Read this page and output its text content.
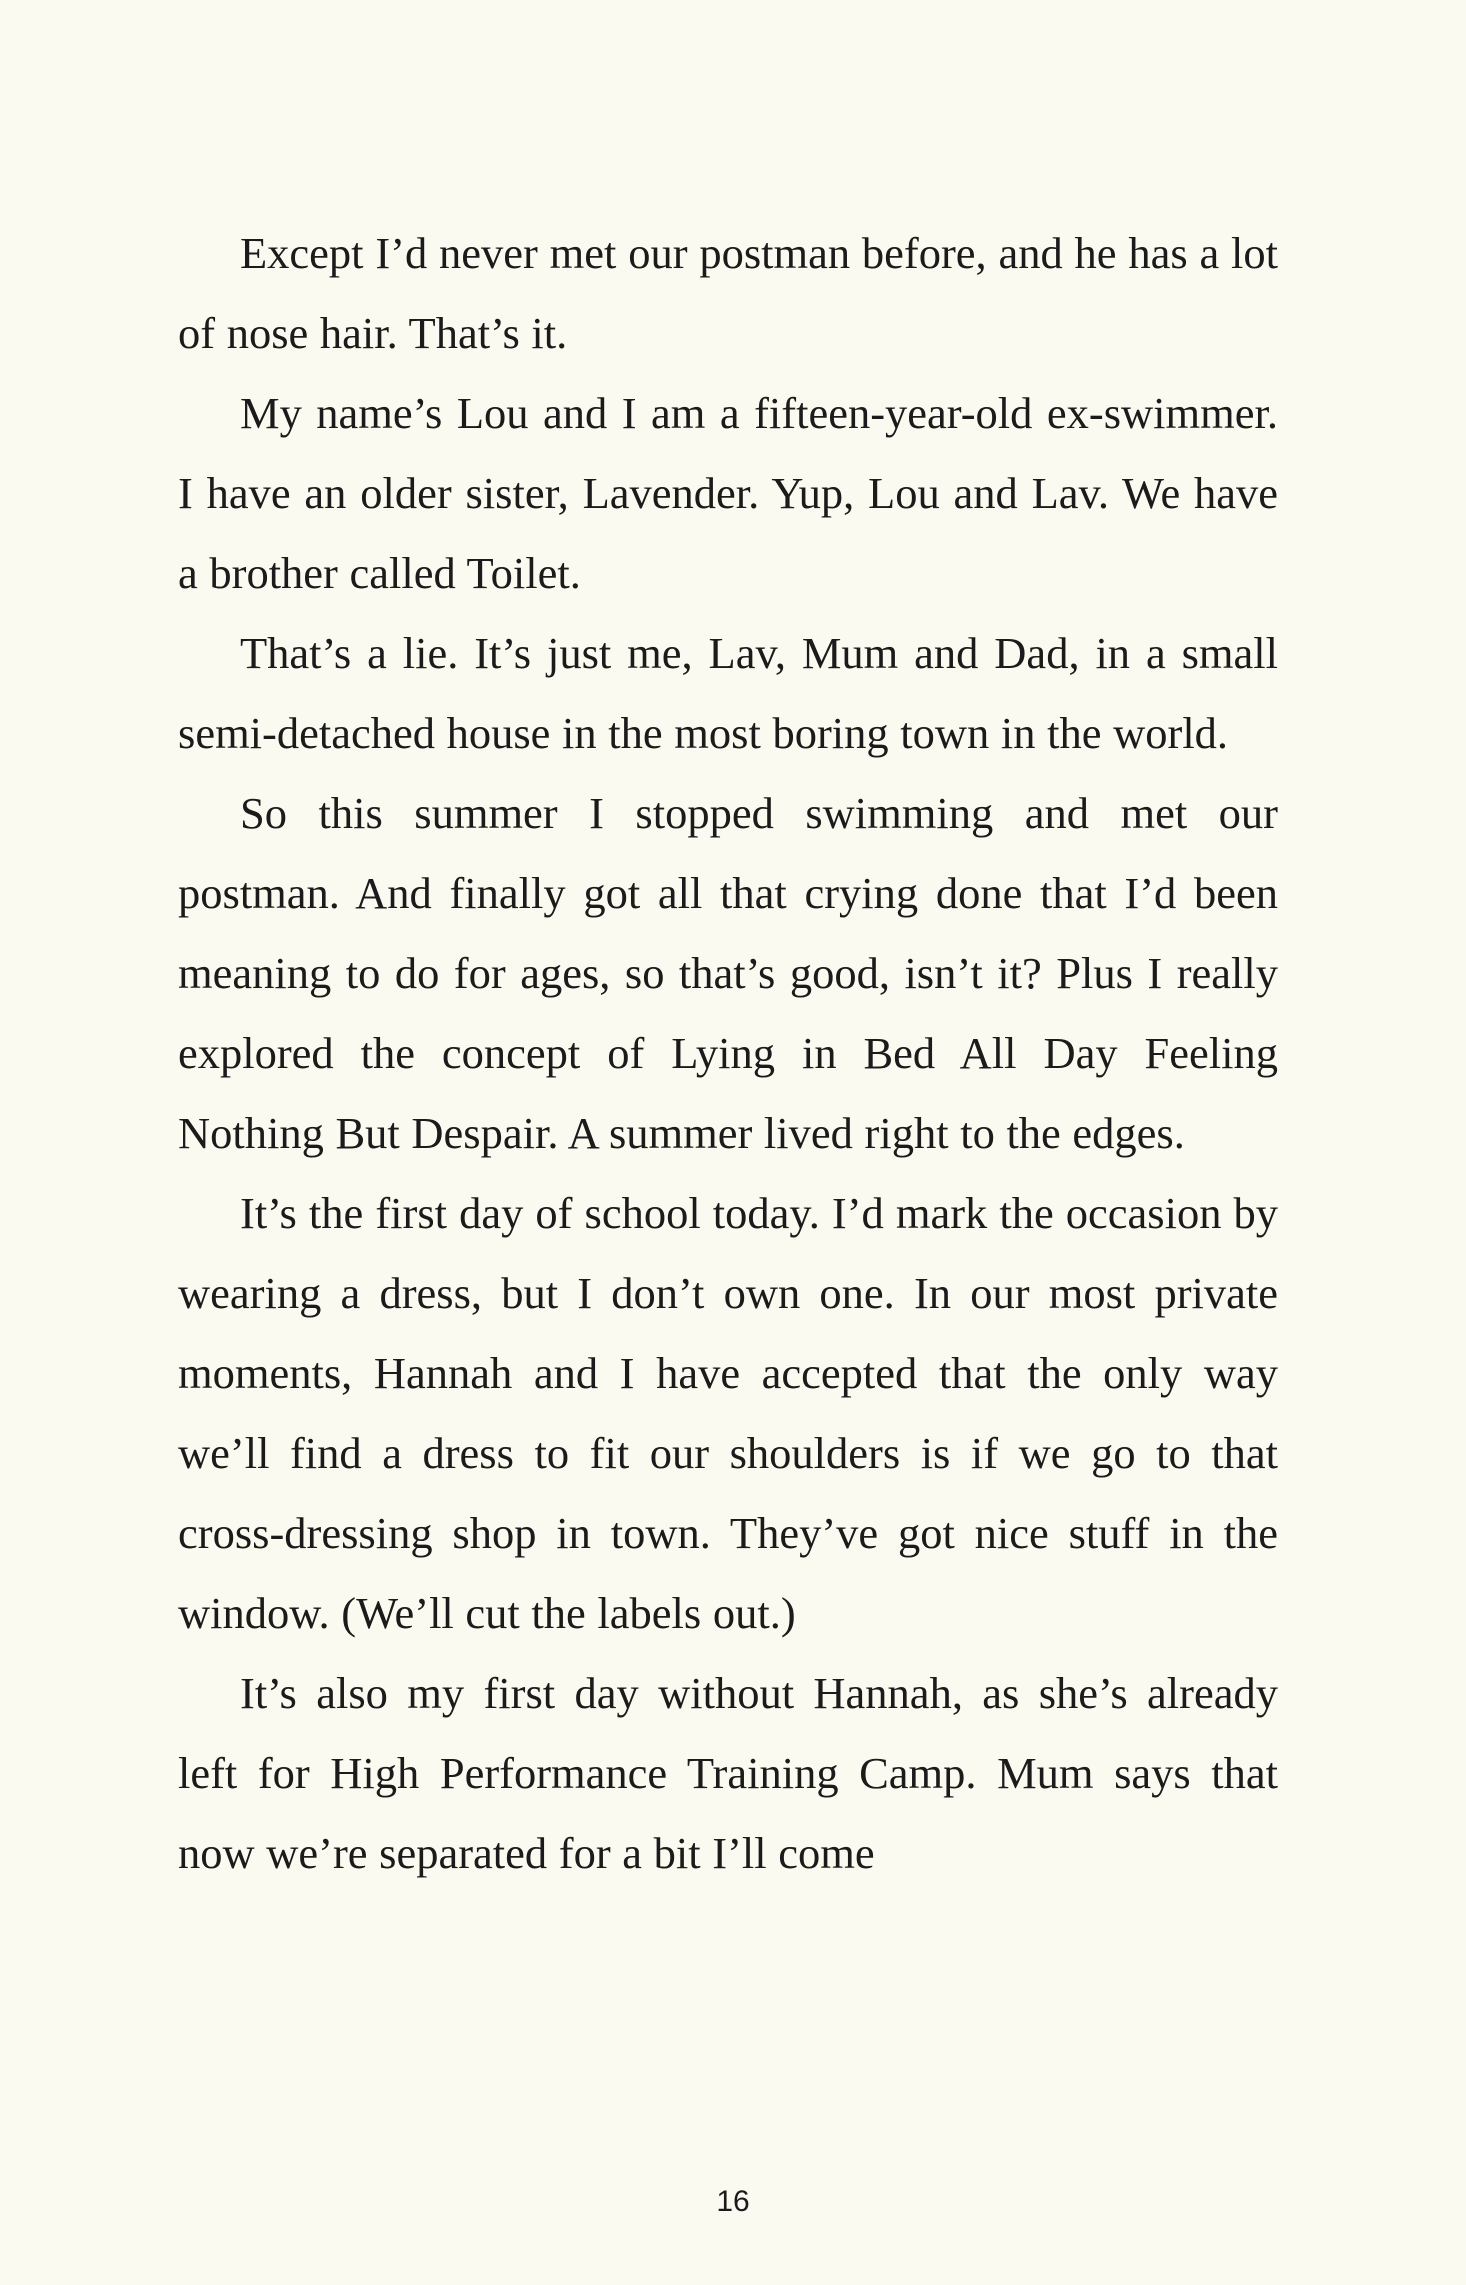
Except I’d never met our postman before, and he has a lot of nose hair. That’s it.

My name’s Lou and I am a fifteen-year-old ex-swimmer. I have an older sister, Lavender. Yup, Lou and Lav. We have a brother called Toilet.

That’s a lie. It’s just me, Lav, Mum and Dad, in a small semi-detached house in the most boring town in the world.

So this summer I stopped swimming and met our postman. And finally got all that crying done that I’d been meaning to do for ages, so that’s good, isn’t it? Plus I really explored the concept of Lying in Bed All Day Feeling Nothing But Despair. A summer lived right to the edges.

It’s the first day of school today. I’d mark the occasion by wearing a dress, but I don’t own one. In our most private moments, Hannah and I have accepted that the only way we’ll find a dress to fit our shoulders is if we go to that cross-dressing shop in town. They’ve got nice stuff in the window. (We’ll cut the labels out.)

It’s also my first day without Hannah, as she’s already left for High Performance Training Camp. Mum says that now we’re separated for a bit I’ll come

16
